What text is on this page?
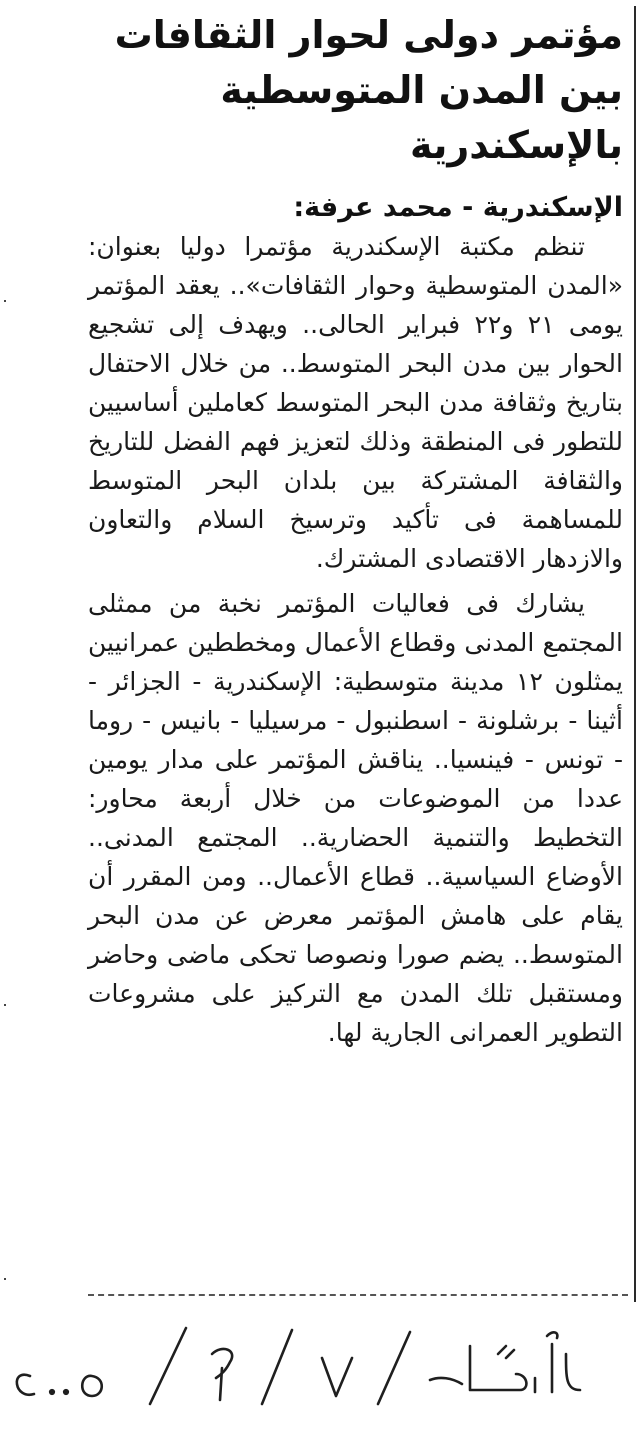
مؤتمر دولى لحوار الثقافات
بين المدن المتوسطية بالإسكندرية
الإسكندرية - محمد عرفة:

تنظم مكتبة الإسكندرية مؤتمرا دوليا بعنوان: «المدن المتوسطية وحوار الثقافات».. يعقد المؤتمر يومى ٢١ و٢٢ فبراير الحالى.. ويهدف إلى تشجيع الحوار بين مدن البحر المتوسط.. من خلال الاحتفال بتاريخ وثقافة مدن البحر المتوسط كعاملين أساسيين للتطور فى المنطقة وذلك لتعزيز فهم الفضل للتاريخ والثقافة المشتركة بين بلدان البحر المتوسط للمساهمة فى تأكيد وترسيخ السلام والتعاون والازدهار الاقتصادى المشترك.

يشارك فى فعاليات المؤتمر نخبة من ممثلى المجتمع المدنى وقطاع الأعمال ومخططين عمرانيين يمثلون ١٢ مدينة متوسطية: الإسكندرية - الجزائر - أثينا - برشلونة - اسطنبول - مرسيليا - بانيس - روما - تونس - فينسيا.. يناقش المؤتمر على مدار يومين عددا من الموضوعات من خلال أربعة محاور: التخطيط والتنمية الحضارية.. المجتمع المدنى.. الأوضاع السياسية.. قطاع الأعمال.. ومن المقرر أن يقام على هامش المؤتمر معرض عن مدن البحر المتوسط.. يضم صورا ونصوصا تحكى ماضى وحاضر ومستقبل تلك المدن مع التركيز على مشروعات التطوير العمرانى الجارية لها.
